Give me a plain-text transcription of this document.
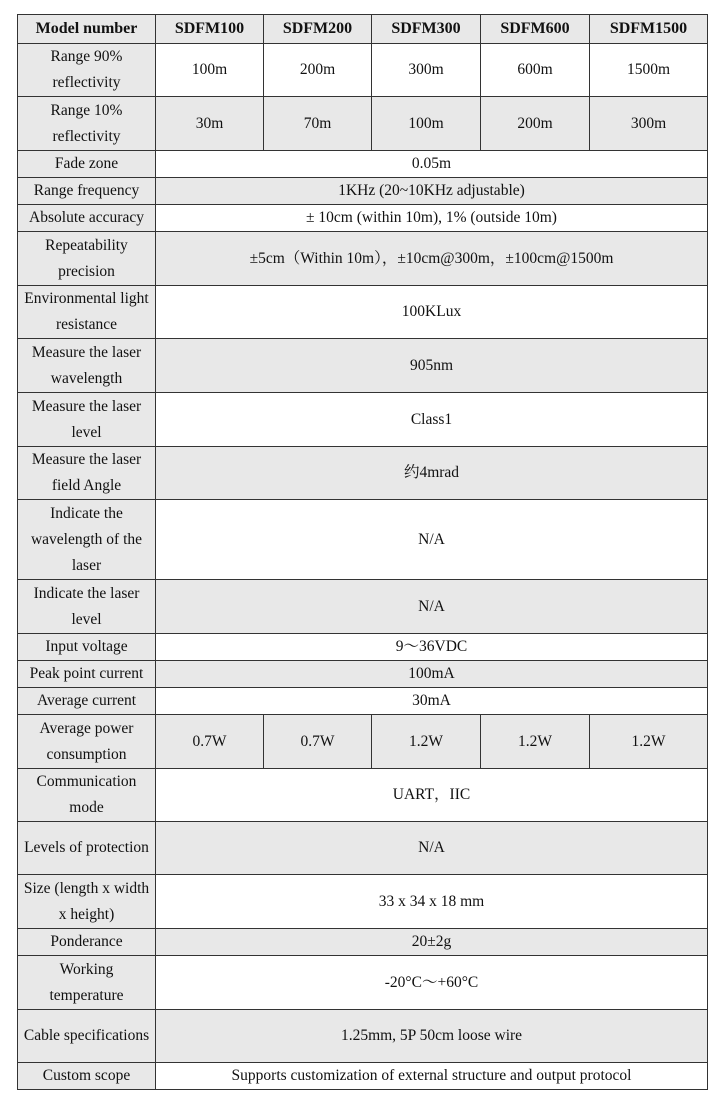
Model number	SDFM100	SDFM200	SDFM300	SDFM600	SDFM1500
Range 90% reflectivity	100m	200m	300m	600m	1500m
Range 10% reflectivity	30m	70m	100m	200m	300m
Fade zone	0.05m				
Range frequency	1KHz (20~10KHz adjustable)				
Absolute accuracy	± 10cm (within 10m), 1% (outside 10m)				
Repeatability precision	±5cm（Within 10m），±10cm@300m，±100cm@1500m				
Environmental light resistance	100KLux				
Measure the laser wavelength	905nm				
Measure the laser level	Class1				
Measure the laser field Angle	约4mrad				
Indicate the wavelength of the laser	N/A				
Indicate the laser level	N/A				
Input voltage	9～36VDC				
Peak point current	100mA				
Average current	30mA				
Average power consumption	0.7W	0.7W	1.2W	1.2W	1.2W
Communication mode	UART，IIC				
Levels of protection	N/A				
Size (length x width x height)	33 x 34 x 18 mm				
Ponderance	20±2g				
Working temperature	-20°C～+60°C				
Cable specifications	1.25mm, 5P 50cm loose wire				
Custom scope	Supports customization of external structure and output protocol				
